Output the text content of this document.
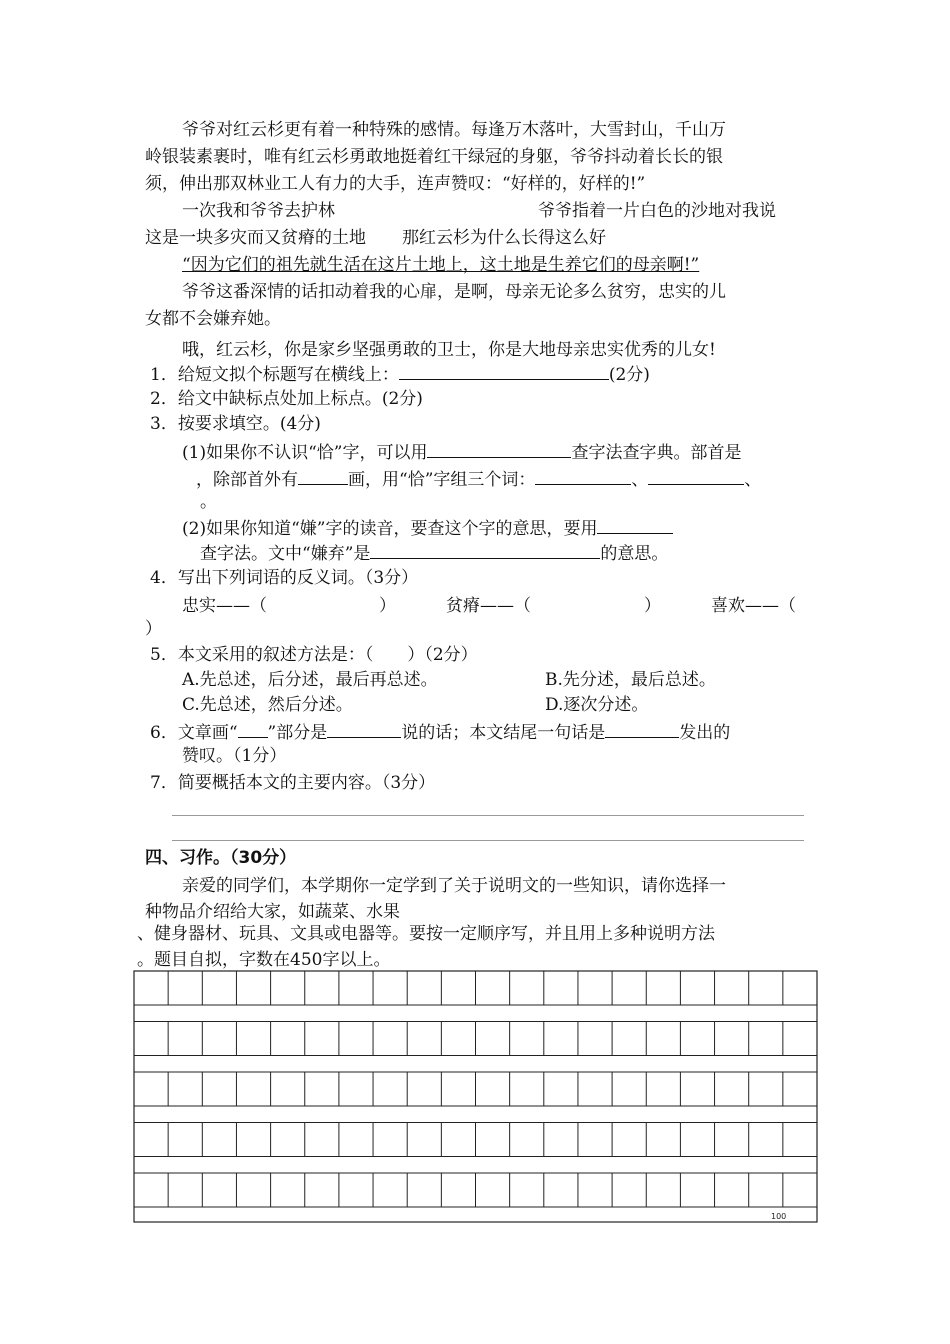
爷爷对红云杉更有着一种特殊的感情。每逢万木落叶，大雪封山，千山万
岭银装素裹时，唯有红云杉勇敢地挺着红干绿冠的身躯，爷爷抖动着长长的银
须，伸出那双林业工人有力的大手，连声赞叹：“好样的，好样的!”
一次我和爷爷去护林	爷爷指着一片白色的沙地对我说
这是一块多灾而又贫瘠的土地 那红云杉为什么长得这么好
“因为它们的祖先就生活在这片土地上，这土地是生养它们的母亲啊!”
爷爷这番深情的话扣动着我的心扉，是啊，母亲无论多么贫穷，忠实的儿
女都不会嫌弃她。
哦，红云杉，你是家乡坚强勇敢的卫士，你是大地母亲忠实优秀的儿女!
1．给短文拟个标题写在横线上：	(2分)
2．给文中缺标点处加上标点。(2分)
3．按要求填空。(4分)
(1)如果你不认识“恰”字，可以用	查字法查字典。部首是
，除部首外有	画，用“恰”字组三个词：	、	、
。
(2)如果你知道“嫌”字的读音，要查这个字的意思，要用
查字法。文中“嫌弃”是	的意思。
4．写出下列词语的反义词。（3分）
忠实——（	）	贫瘠——（	）	喜欢——（
）
5．本文采用的叙述方法是：（　　）（2分）
A.先总述，后分述，最后再总述。	B.先分述，最后总述。
C.先总述，然后分述。	D.逐次分述。
6．文章画“ ”部分是	说的话；本文结尾一句话是	发出的
赞叹。（1分）
7．简要概括本文的主要内容。（3分）
四、习作。（30分）
亲爱的同学们，本学期你一定学到了关于说明文的一些知识，请你选择一
种物品介绍给大家，如蔬菜、水果
、健身器材、玩具、文具或电器等。要按一定顺序写，并且用上多种说明方法
。题目自拟，字数在450字以上。
100
